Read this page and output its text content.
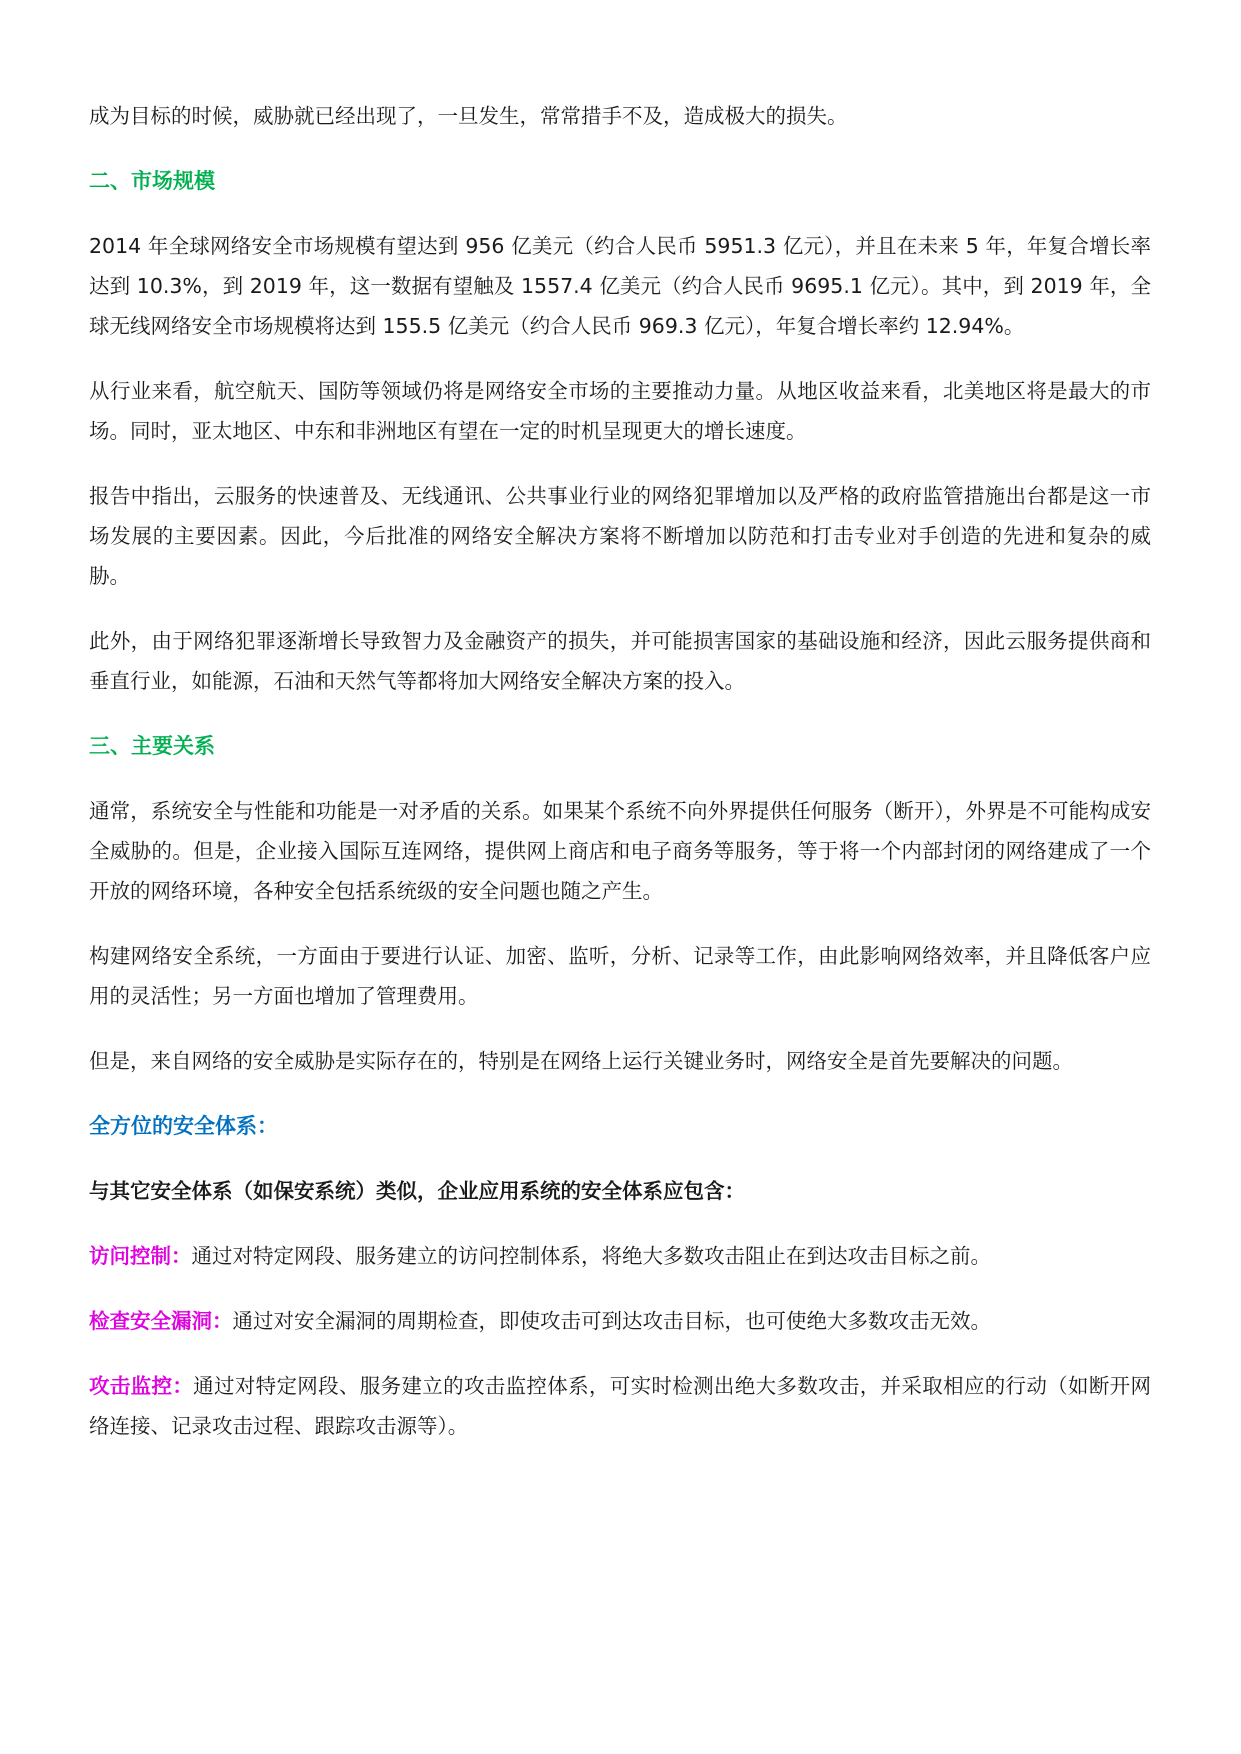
成为目标的时候，威胁就已经出现了，一旦发生，常常措手不及，造成极大的损失。

二、市场规模

2014 年全球网络安全市场规模有望达到 956 亿美元（约合人民币 5951.3 亿元），并且在未来 5 年，年复合增长率达到 10.3%，到 2019 年，这一数据有望触及 1557.4 亿美元（约合人民币 9695.1 亿元）。其中，到 2019 年，全球无线网络安全市场规模将达到 155.5 亿美元（约合人民币 969.3 亿元），年复合增长率约 12.94%。

从行业来看，航空航天、国防等领域仍将是网络安全市场的主要推动力量。从地区收益来看，北美地区将是最大的市场。同时，亚太地区、中东和非洲地区有望在一定的时机呈现更大的增长速度。

报告中指出，云服务的快速普及、无线通讯、公共事业行业的网络犯罪增加以及严格的政府监管措施出台都是这一市场发展的主要因素。因此，今后批准的网络安全解决方案将不断增加以防范和打击专业对手创造的先进和复杂的威胁。

此外，由于网络犯罪逐渐增长导致智力及金融资产的损失，并可能损害国家的基础设施和经济，因此云服务提供商和垂直行业，如能源，石油和天然气等都将加大网络安全解决方案的投入。

三、主要关系

通常，系统安全与性能和功能是一对矛盾的关系。如果某个系统不向外界提供任何服务（断开），外界是不可能构成安全威胁的。但是，企业接入国际互连网络，提供网上商店和电子商务等服务，等于将一个内部封闭的网络建成了一个开放的网络环境，各种安全包括系统级的安全问题也随之产生。

构建网络安全系统，一方面由于要进行认证、加密、监听，分析、记录等工作，由此影响网络效率，并且降低客户应用的灵活性；另一方面也增加了管理费用。

但是，来自网络的安全威胁是实际存在的，特别是在网络上运行关键业务时，网络安全是首先要解决的问题。

全方位的安全体系：

与其它安全体系（如保安系统）类似，企业应用系统的安全体系应包含：

访问控制：通过对特定网段、服务建立的访问控制体系，将绝大多数攻击阻止在到达攻击目标之前。

检查安全漏洞：通过对安全漏洞的周期检查，即使攻击可到达攻击目标，也可使绝大多数攻击无效。

攻击监控：通过对特定网段、服务建立的攻击监控体系，可实时检测出绝大多数攻击，并采取相应的行动（如断开网络连接、记录攻击过程、跟踪攻击源等）。
